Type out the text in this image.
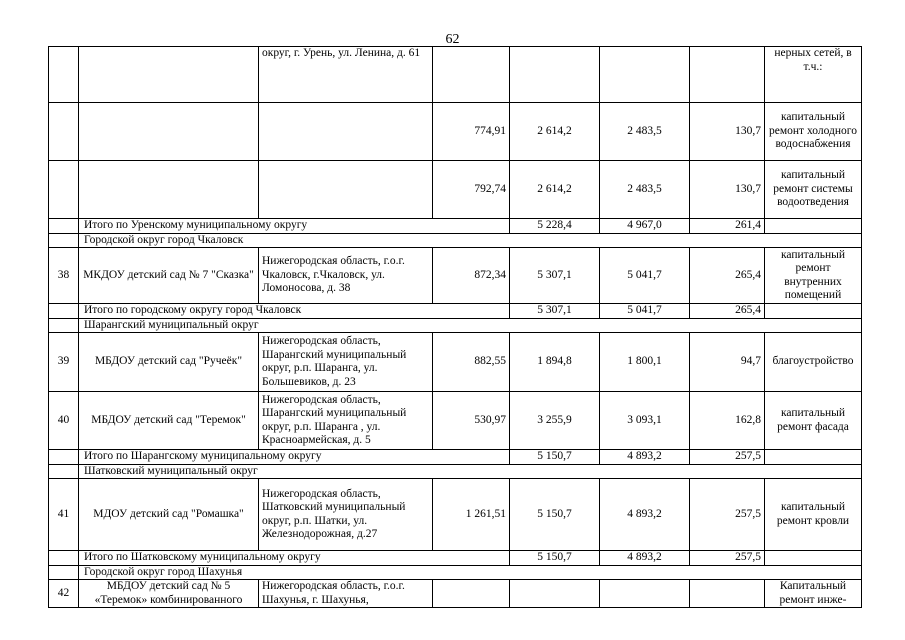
62
		округ, г. Урень, ул. Ленина, д. 61					нерных сетей, в т.ч.:
			774,91	2 614,2	2 483,5	130,7	капитальный ремонт холодного водоснабжения
			792,74	2 614,2	2 483,5	130,7	капитальный ремонт системы водоотведения
	Итого по Уренскому муниципальному округу			5 228,4	4 967,0	261,4	
	Городской округ город Чкаловск						
38	МКДОУ детский сад № 7 "Сказка"	Нижегородская область, г.о.г. Чкаловск, г.Чкаловск, ул. Ломоносова, д. 38	872,34	5 307,1	5 041,7	265,4	капитальный ремонт внутренних помещений
	Итого по городскому округу город Чкаловск			5 307,1	5 041,7	265,4	
	Шарангский муниципальный округ						
39	МБДОУ детский сад "Ручеёк"	Нижегородская область, Шарангский муниципальный округ, р.п. Шаранга, ул. Большевиков, д. 23	882,55	1 894,8	1 800,1	94,7	благоустройство
40	МБДОУ детский сад "Теремок"	Нижегородская область, Шарангский муниципальный округ, р.п. Шаранга , ул. Красноармейская, д. 5	530,97	3 255,9	3 093,1	162,8	капитальный ремонт фасада
	Итого по Шарангскому муниципальному округу			5 150,7	4 893,2	257,5	
	Шатковский муниципальный округ						
41	МДОУ детский сад "Ромашка"	Нижегородская область, Шатковский муниципальный округ, р.п. Шатки, ул. Железнодорожная, д.27	1 261,51	5 150,7	4 893,2	257,5	капитальный ремонт кровли
	Итого по Шатковскому муниципальному округу			5 150,7	4 893,2	257,5	
	Городской округ город Шахунья						
42	МБДОУ детский сад № 5 «Теремок» комбинированного	Нижегородская область, г.о.г. Шахунья, г. Шахунья,					Капитальный ремонт инже-
